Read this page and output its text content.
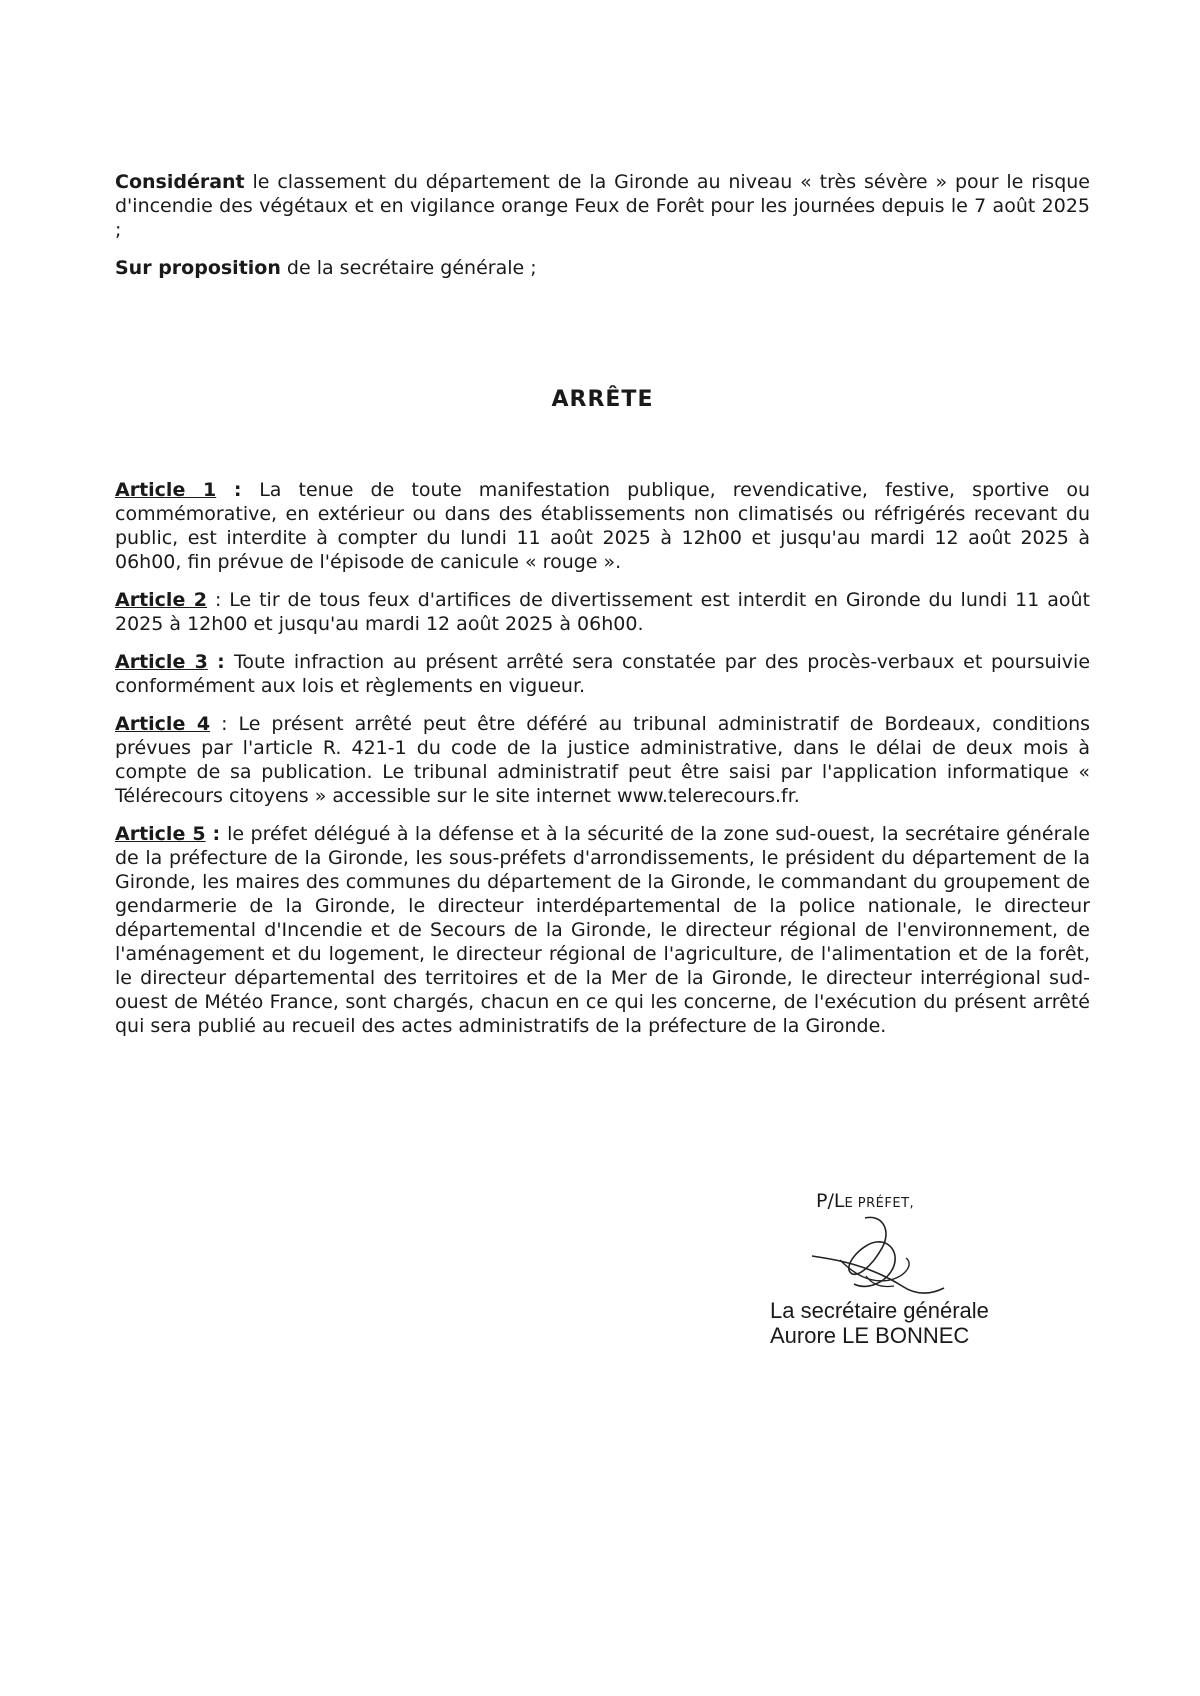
Considérant le classement du département de la Gironde au niveau « très sévère » pour le risque d'incendie des végétaux et en vigilance orange Feux de Forêt pour les journées depuis le 7 août 2025 ;

Sur proposition de la secrétaire générale ;

ARRÊTE

Article 1 : La tenue de toute manifestation publique, revendicative, festive, sportive ou commémorative, en extérieur ou dans des établissements non climatisés ou réfrigérés recevant du public, est interdite à compter du lundi 11 août 2025 à 12h00 et jusqu'au mardi 12 août 2025 à 06h00, fin prévue de l'épisode de canicule « rouge ».

Article 2 : Le tir de tous feux d'artifices de divertissement est interdit en Gironde du lundi 11 août 2025 à 12h00 et jusqu'au mardi 12 août 2025 à 06h00.

Article 3 : Toute infraction au présent arrêté sera constatée par des procès-verbaux et poursuivie conformément aux lois et règlements en vigueur.

Article 4 : Le présent arrêté peut être déféré au tribunal administratif de Bordeaux, conditions prévues par l'article R. 421-1 du code de la justice administrative, dans le délai de deux mois à compte de sa publication. Le tribunal administratif peut être saisi par l'application informatique « Télérecours citoyens » accessible sur le site internet www.telerecours.fr.

Article 5 : le préfet délégué à la défense et à la sécurité de la zone sud-ouest, la secrétaire générale de la préfecture de la Gironde, les sous-préfets d'arrondissements, le président du département de la Gironde, les maires des communes du département de la Gironde, le commandant du groupement de gendarmerie de la Gironde, le directeur interdépartemental de la police nationale, le directeur départemental d'Incendie et de Secours de la Gironde, le directeur régional de l'environnement, de l'aménagement et du logement, le directeur régional de l'agriculture, de l'alimentation et de la forêt, le directeur départemental des territoires et de la Mer de la Gironde, le directeur interrégional sud-ouest de Météo France, sont chargés, chacun en ce qui les concerne, de l'exécution du présent arrêté qui sera publié au recueil des actes administratifs de la préfecture de la Gironde.

P/LE PRÉFET,
La secrétaire générale
Aurore LE BONNEC
